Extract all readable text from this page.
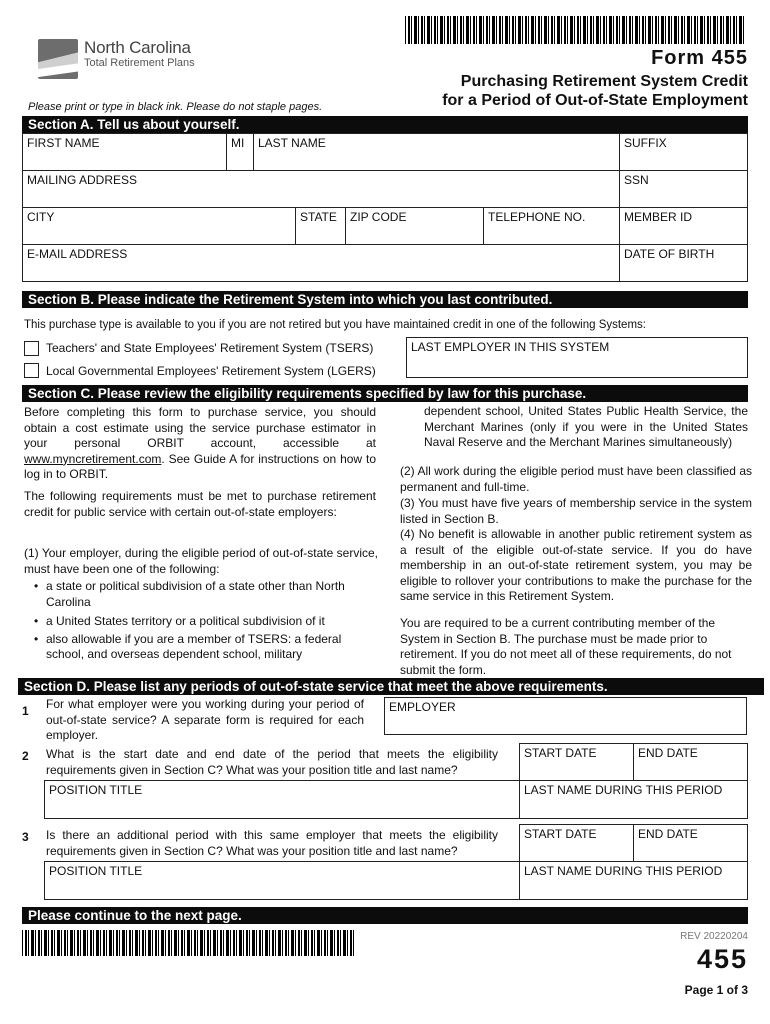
North Carolina
Total Retirement Plans	Form 455
Purchasing Retirement System Credit
for a Period of Out-of-State Employment
Please print or type in black ink. Please do not staple pages.
Section A. Tell us about yourself.
FIRST NAME	MI	LAST NAME	SUFFIX
MAILING ADDRESS	SSN
CITY	STATE	ZIP CODE	TELEPHONE NO.	MEMBER ID
E-MAIL ADDRESS	DATE OF BIRTH
Section B. Please indicate the Retirement System into which you last contributed.
This purchase type is available to you if you are not retired but you have maintained credit in one of the following Systems:
Teachers' and State Employees' Retirement System (TSERS)
Local Governmental Employees' Retirement System (LGERS)
LAST EMPLOYER IN THIS SYSTEM
Section C. Please review the eligibility requirements specified by law for this purchase.
Before completing this form to purchase service, you should obtain a cost estimate using the service purchase estimator in your personal ORBIT account, accessible at www.myncretirement.com. See Guide A for instructions on how to log in to ORBIT.
The following requirements must be met to purchase retirement credit for public service with certain out-of-state employers:
(1) Your employer, during the eligible period of out-of-state service, must have been one of the following:
• a state or political subdivision of a state other than North Carolina
• a United States territory or a political subdivision of it
• also allowable if you are a member of TSERS: a federal school, and overseas dependent school, military
dependent school, United States Public Health Service, the Merchant Marines (only if you were in the United States Naval Reserve and the Merchant Marines simultaneously)
(2) All work during the eligible period must have been classified as permanent and full-time.
(3) You must have five years of membership service in the system listed in Section B.
(4) No benefit is allowable in another public retirement system as a result of the eligible out-of-state service. If you do have membership in an out-of-state retirement system, you may be eligible to rollover your contributions to make the purchase for the same service in this Retirement System.
You are required to be a current contributing member of the System in Section B. The purchase must be made prior to retirement. If you do not meet all of these requirements, do not submit the form.
Section D. Please list any periods of out-of-state service that meet the above requirements.
1 For what employer were you working during your period of out-of-state service? A separate form is required for each employer.
EMPLOYER
2 What is the start date and end date of the period that meets the eligibility requirements given in Section C? What was your position title and last name?
START DATE	END DATE
POSITION TITLE	LAST NAME DURING THIS PERIOD
3 Is there an additional period with this same employer that meets the eligibility requirements given in Section C? What was your position title and last name?
START DATE	END DATE
POSITION TITLE	LAST NAME DURING THIS PERIOD
Please continue to the next page.
REV 20220204
455
Page 1 of 3
